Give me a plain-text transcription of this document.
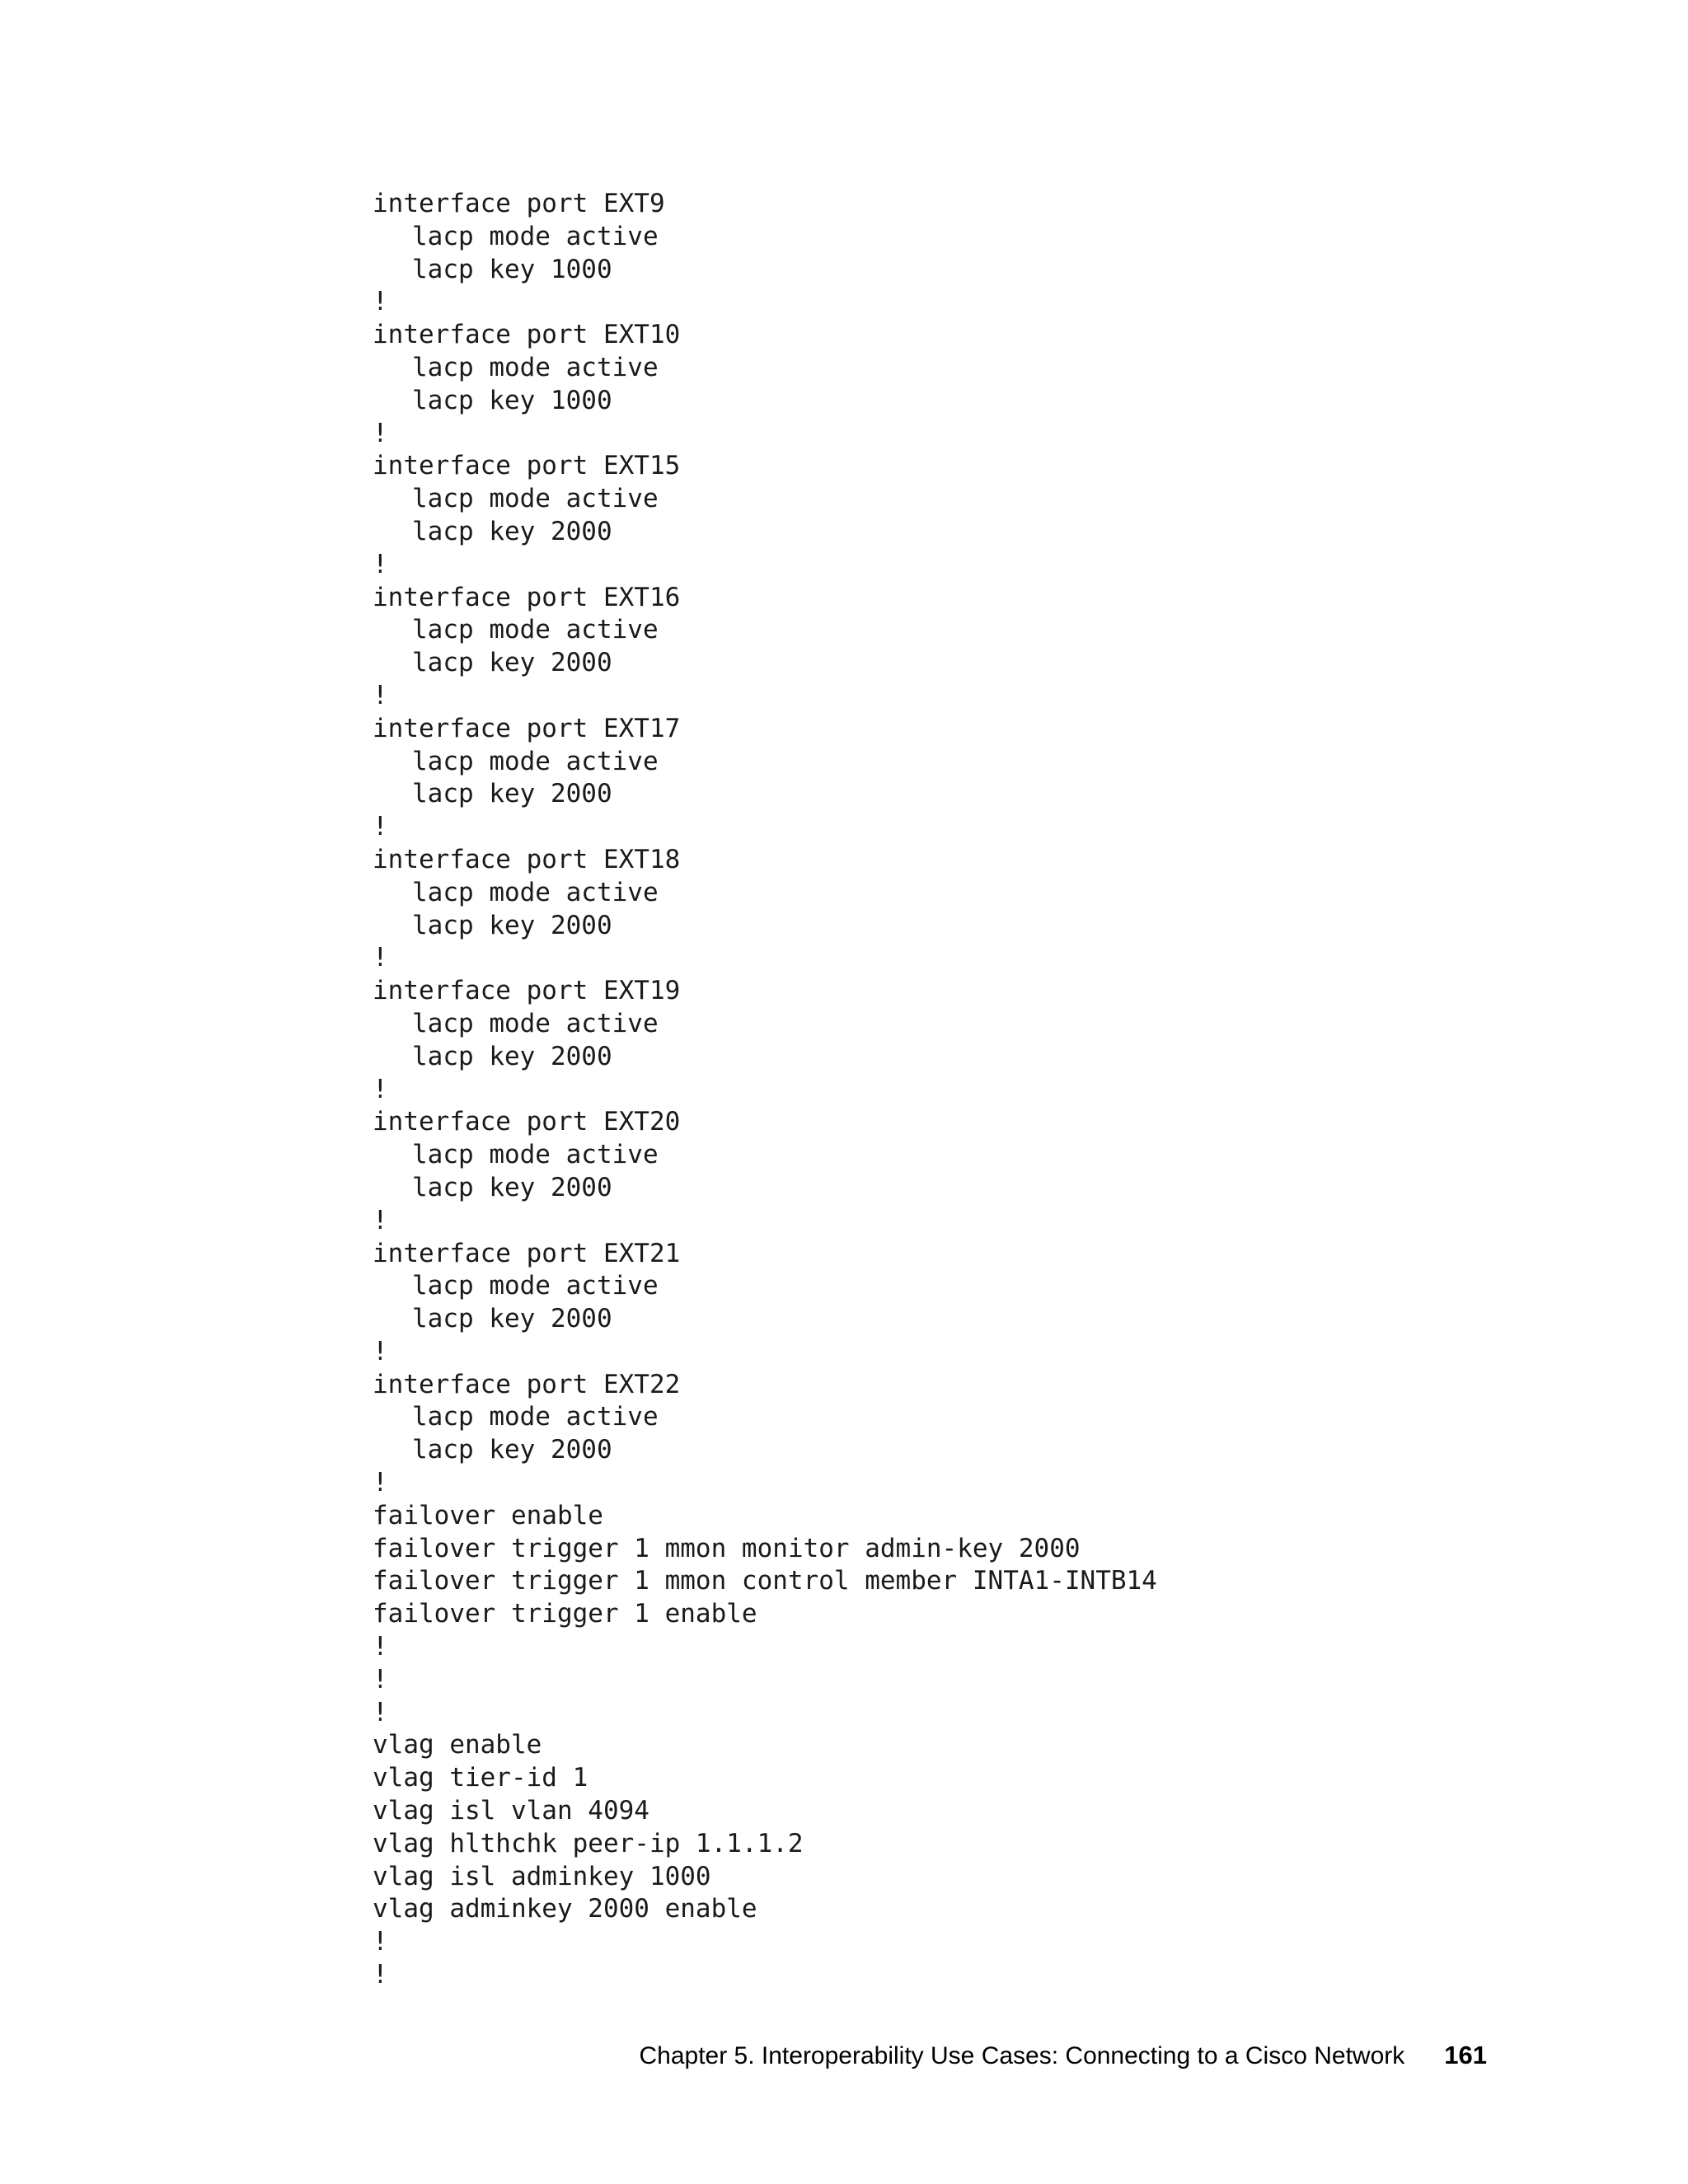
interface port EXT9
lacp mode active
lacp key 1000
!
interface port EXT10
lacp mode active
lacp key 1000
!
interface port EXT15
lacp mode active
lacp key 2000
!
interface port EXT16
lacp mode active
lacp key 2000
!
interface port EXT17
lacp mode active
lacp key 2000
!
interface port EXT18
lacp mode active
lacp key 2000
!
interface port EXT19
lacp mode active
lacp key 2000
!
interface port EXT20
lacp mode active
lacp key 2000
!
interface port EXT21
lacp mode active
lacp key 2000
!
interface port EXT22
lacp mode active
lacp key 2000
!
failover enable
failover trigger 1 mmon monitor admin-key 2000
failover trigger 1 mmon control member INTA1-INTB14
failover trigger 1 enable
!
!
!
vlag enable
vlag tier-id 1
vlag isl vlan 4094
vlag hlthchk peer-ip 1.1.1.2
vlag isl adminkey 1000
vlag adminkey 2000 enable
!
!
Chapter 5. Interoperability Use Cases: Connecting to a Cisco Network 161
